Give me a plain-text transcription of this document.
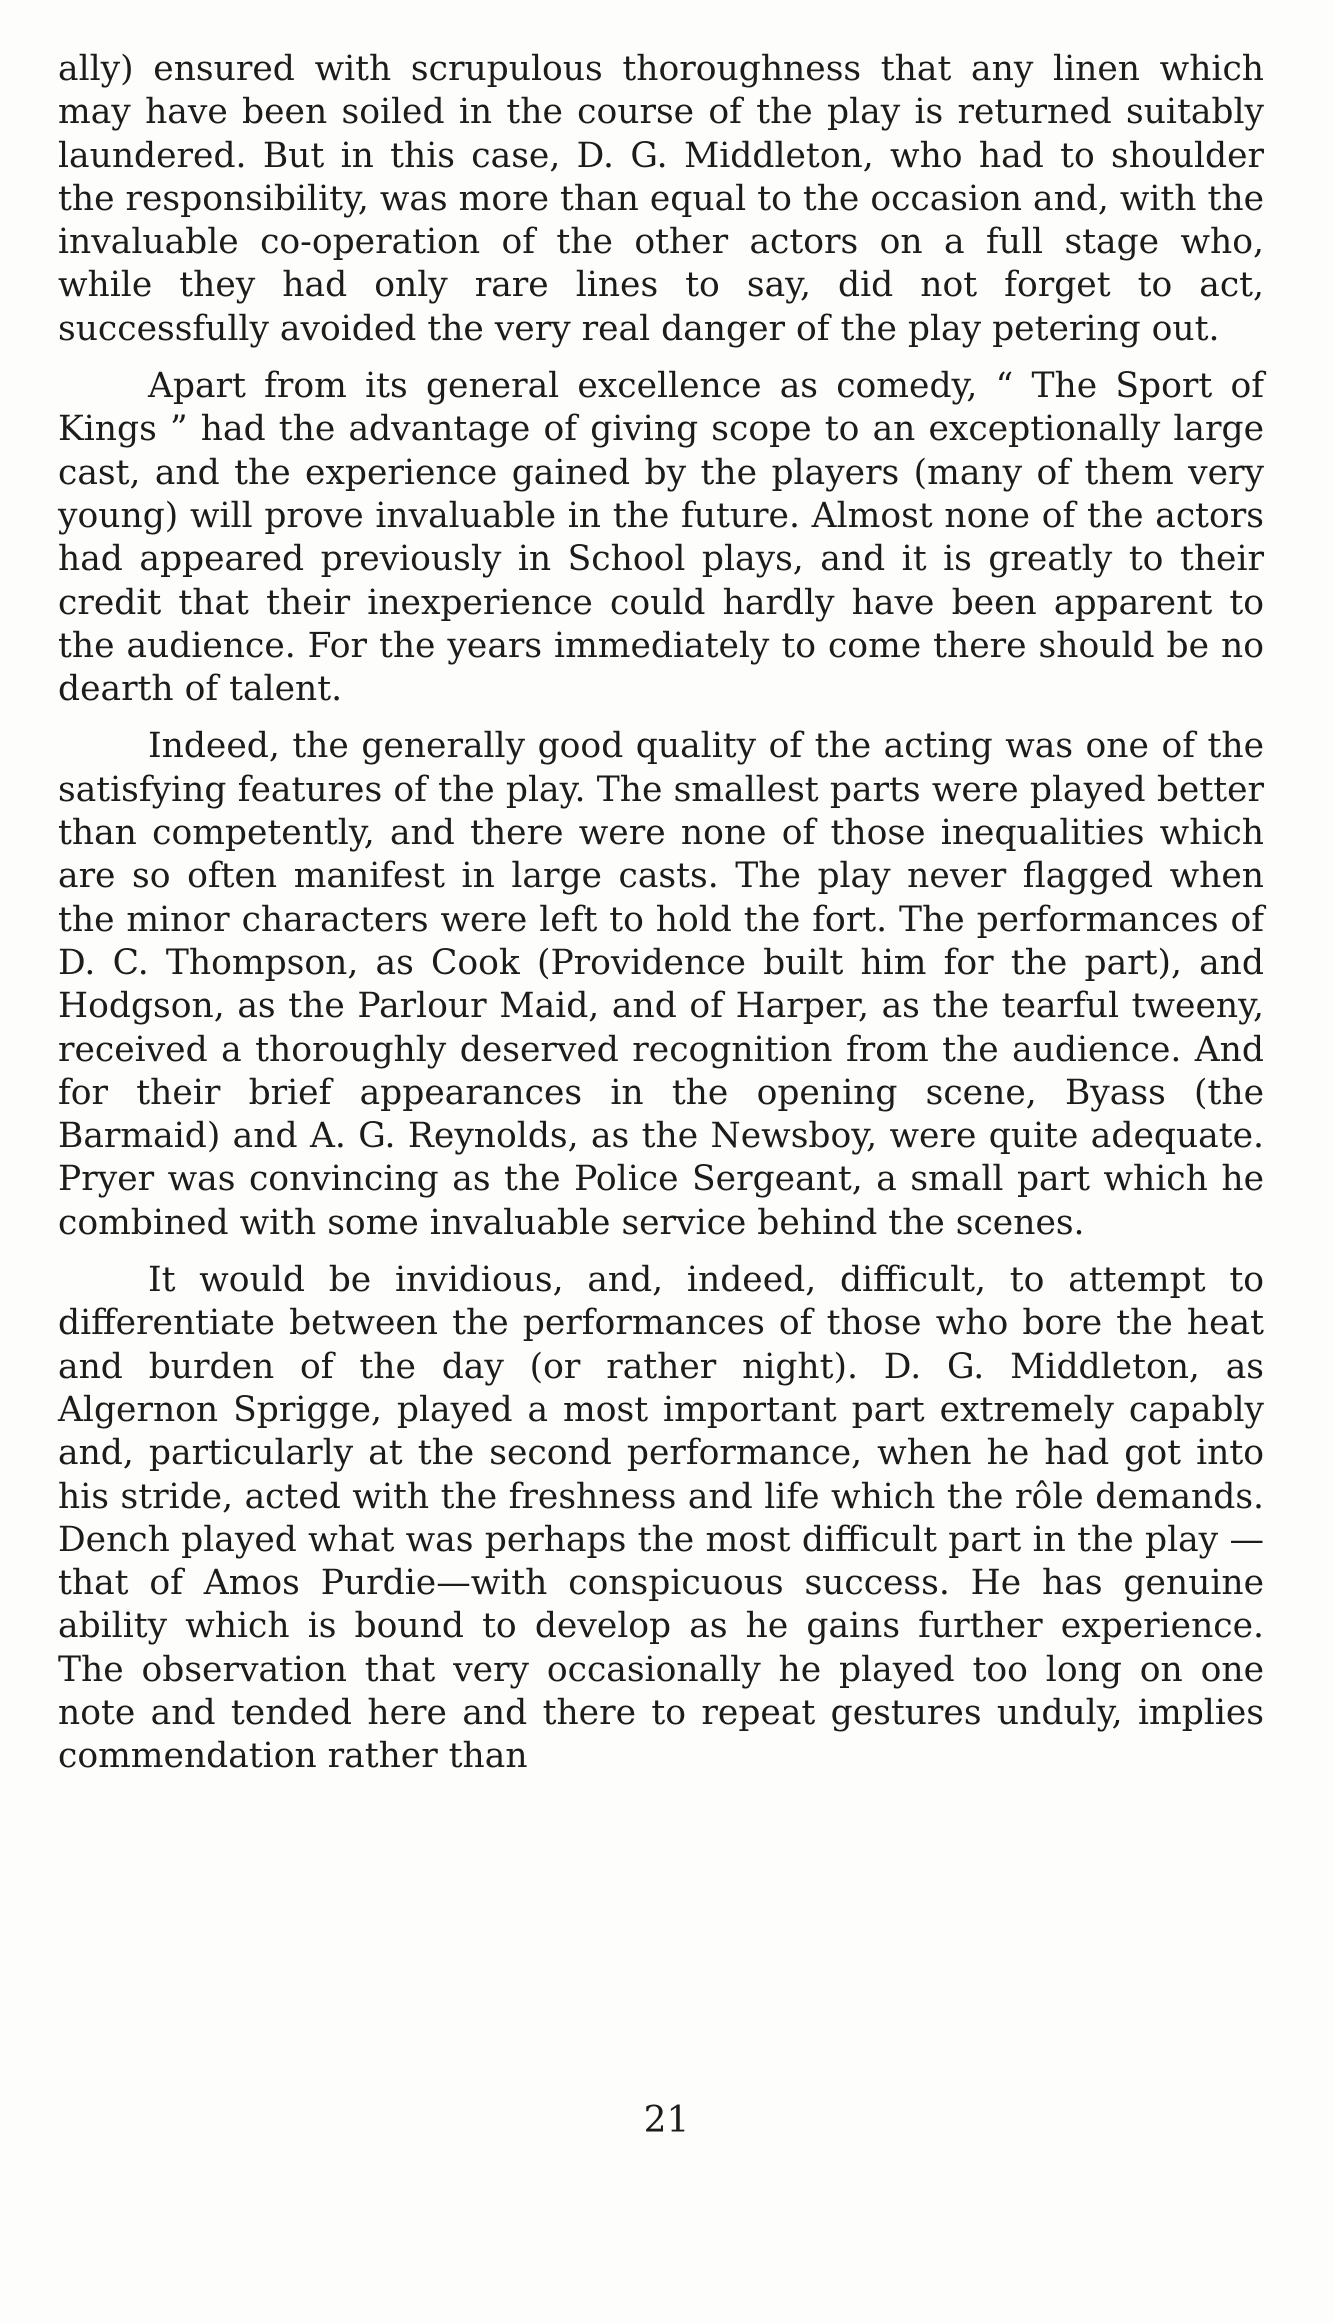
ally) ensured with scrupulous thoroughness that any linen which may have been soiled in the course of the play is returned suitably laundered. But in this case, D. G. Middleton, who had to shoulder the responsibility, was more than equal to the occasion and, with the invaluable co-operation of the other actors on a full stage who, while they had only rare lines to say, did not forget to act, successfully avoided the very real danger of the play petering out.

Apart from its general excellence as comedy, “ The Sport of Kings ” had the advantage of giving scope to an exceptionally large cast, and the experience gained by the players (many of them very young) will prove invaluable in the future. Almost none of the actors had appeared previously in School plays, and it is greatly to their credit that their inexperience could hardly have been apparent to the audience. For the years immediately to come there should be no dearth of talent.

Indeed, the generally good quality of the acting was one of the satisfying features of the play. The smallest parts were played better than competently, and there were none of those inequalities which are so often manifest in large casts. The play never flagged when the minor characters were left to hold the fort. The performances of D. C. Thompson, as Cook (Providence built him for the part), and Hodgson, as the Parlour Maid, and of Harper, as the tearful tweeny, received a thoroughly deserved recognition from the audience. And for their brief appearances in the opening scene, Byass (the Barmaid) and A. G. Reynolds, as the Newsboy, were quite adequate. Pryer was convincing as the Police Sergeant, a small part which he combined with some invaluable service behind the scenes.

It would be invidious, and, indeed, difficult, to attempt to differentiate between the performances of those who bore the heat and burden of the day (or rather night). D. G. Middleton, as Algernon Sprigge, played a most important part extremely capably and, particularly at the second performance, when he had got into his stride, acted with the freshness and life which the rôle demands. Dench played what was perhaps the most difficult part in the play —that of Amos Purdie—with conspicuous success. He has genuine ability which is bound to develop as he gains further experience. The observation that very occasionally he played too long on one note and tended here and there to repeat gestures unduly, implies commendation rather than

21
